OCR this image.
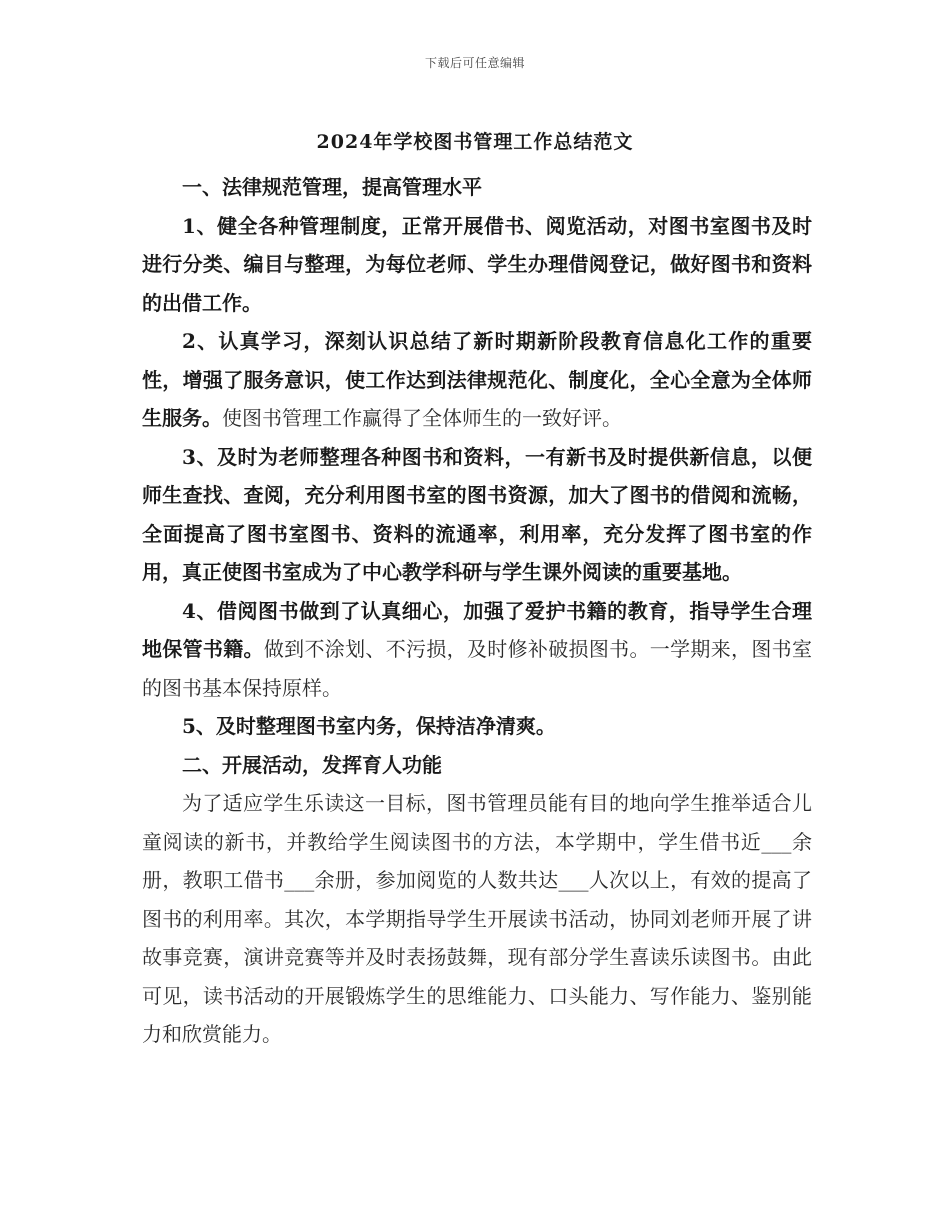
下载后可任意编辑
2024年学校图书管理工作总结范文

一、法律规范管理，提高管理水平

1、健全各种管理制度，正常开展借书、阅览活动，对图书室图书及时进行分类、编目与整理，为每位老师、学生办理借阅登记，做好图书和资料的出借工作。

2、认真学习，深刻认识总结了新时期新阶段教育信息化工作的重要性，增强了服务意识，使工作达到法律规范化、制度化，全心全意为全体师生服务。使图书管理工作赢得了全体师生的一致好评。

3、及时为老师整理各种图书和资料，一有新书及时提供新信息，以便师生查找、查阅，充分利用图书室的图书资源，加大了图书的借阅和流畅，全面提高了图书室图书、资料的流通率，利用率，充分发挥了图书室的作用，真正使图书室成为了中心教学科研与学生课外阅读的重要基地。

4、借阅图书做到了认真细心，加强了爱护书籍的教育，指导学生合理地保管书籍。做到不涂划、不污损，及时修补破损图书。一学期来，图书室的图书基本保持原样。

5、及时整理图书室内务，保持洁净清爽。

二、开展活动，发挥育人功能

为了适应学生乐读这一目标，图书管理员能有目的地向学生推举适合儿童阅读的新书，并教给学生阅读图书的方法，本学期中，学生借书近___余册，教职工借书___余册，参加阅览的人数共达___人次以上，有效的提高了图书的利用率。其次，本学期指导学生开展读书活动，协同刘老师开展了讲故事竞赛，演讲竞赛等并及时表扬鼓舞，现有部分学生喜读乐读图书。由此可见，读书活动的开展锻炼学生的思维能力、口头能力、写作能力、鉴别能力和欣赏能力。
